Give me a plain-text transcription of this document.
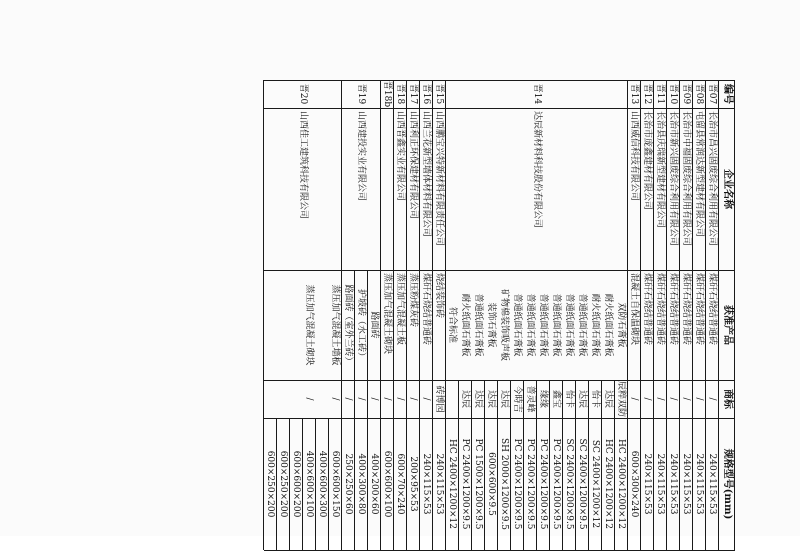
编号
企业名称
获准产品
商标
规格型号(mm)
晋07
长治市昌兴固废综合利用有限公司
煤矸石烧结普通砖
/
240×115×53
晋08
屯留县常润达新型建材有限公司
煤矸石烧结普通砖
/
240×115×53
晋09
长治市中福固废综合利用有限公司
煤矸石烧结普通砖
/
240×115×53
晋10
长治市新兴固废综合利用有限公司
煤矸石烧结普通砖
/
240×115×53
晋11
长治县庆瑞新型建材有限公司
煤矸石烧结普通砖
/
240×115×53
晋12
长治市庞鑫建材有限公司
煤矸石烧结普通砖
/
240×115×53
晋13
山西威信科技有限公司
混凝土自保温砌块
/
600×300×240
晋14
达辰新材料科技股份有限公司
双防石膏板
辰粹双防
HC 2400×1200×12
耐火纸面石膏板
达辰
HC 2400×1200×12
耐火纸面石膏板
怡卡
SC 2400×1200×12
普通纸面石膏板
达辰
SC 2400×1200×9.5
普通纸面石膏板
怡卡
SC 2400×1200×9.5
普通纸面石膏板
鑫宝
PC 2400×1200×9.5
普通纸面石膏板
缘缘
PC 2400×1200×9.5
普通纸面石膏板
普灵峰
PC 2400×1200×9.5
普通纸面石膏板
今時吉
PC 2400×1200×9.5
矿物棉装饰吸声板
达辰
SH 2000×1200×9.5
装饰石膏板
达辰
600×600×9.5
普通纸面石膏板
达辰
PC 1500×1200×9.5
耐火纸面石膏板
达辰
PC 2400×1200×9.5
符合标准
HC 2400×1200×12
晋15
山西鹏宝兴特新材料有限责任公司
烧结装饰砖
砖博园
240×115×53
晋16
山西兰花新型墙体材料有限公司
煤矸石烧结普通砖
/
240×115×53
晋17
山西利正环保建材有限公司
蒸压粉煤灰砖
/
200×95×53
晋18
山西晋鑫实业有限公司
蒸压加气混凝土板
/
600×70×240
晋18b
蒸压加气混凝土砌块
/
600×600×100
晋19
山西建投实业有限公司
路面砖
/
400×200×60
护坡砖（水工砖）
/
400×300×80
路面砖（室外兰砖）
/
250×250×60
晋20
山西佳工建筑科技有限公司
蒸压加气混凝土墙板
/
600×600×150
400×600×300
蒸压加气混凝土砌块
/
400×600×100
600×600×200
600×250×200
600×250×200
